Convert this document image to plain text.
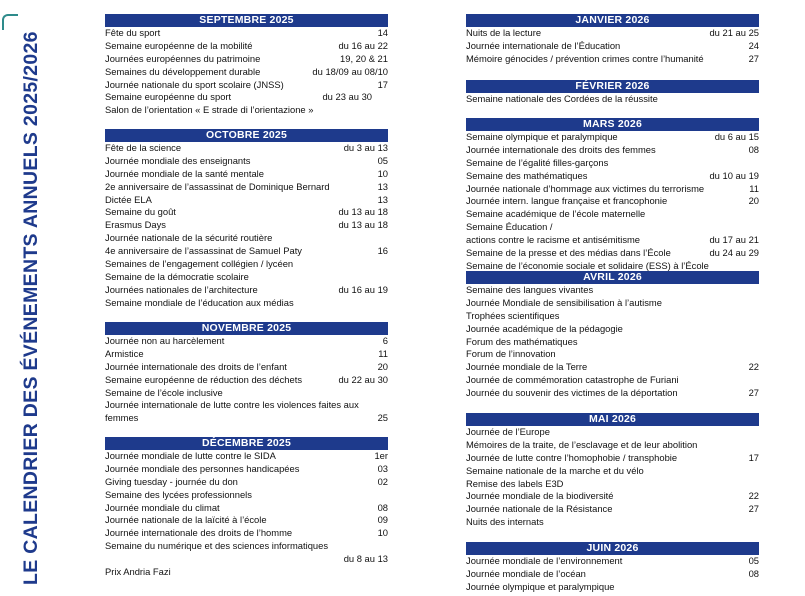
LE CALENDRIER DES ÉVÉNEMENTS ANNUELS 2025/2026
SEPTEMBRE 2025
Fête du sport	14
Semaine européenne de la mobilité	du 16 au 22
Journées européennes du patrimoine	19, 20 & 21
Semaines du développement durable	du 18/09 au 08/10
Journée nationale du sport scolaire (JNSS)	17
Semaine européenne du sport	du 23 au 30
Salon de l’orientation « E strade di l’orientazione »
OCTOBRE 2025
Fête de la science	du 3 au 13
Journée mondiale des enseignants	05
Journée mondiale de la santé mentale	10
2e anniversaire de l’assassinat de Dominique Bernard	13
Dictée ELA	13
Semaine du goût	du 13 au 18
Erasmus Days	du 13 au 18
Journée nationale de la sécurité routière
4e anniversaire de l’assassinat de Samuel Paty	16
Semaines de l’engagement collégien / lycéen
Semaine de la démocratie scolaire
Journées nationales de l’architecture	du 16 au 19
Semaine mondiale de l’éducation aux médias
NOVEMBRE 2025
Journée non au harcèlement	6
Armistice	11
Journée internationale des droits de l’enfant	20
Semaine européenne de réduction des déchets	du 22 au 30
Semaine de l’école inclusive
Journée internationale de lutte contre les violences faites aux
femmes	25
DÉCEMBRE 2025
Journée mondiale de lutte contre le SIDA	1er
Journée mondiale des personnes handicapées	03
Giving tuesday - journée du don	02
Semaine des lycées professionnels
Journée mondiale du climat	08
Journée nationale de la laïcité à l’école	09
Journée internationale des droits de l’homme	10
Semaine du numérique et des sciences informatiques
du 8 au 13
Prix Andria Fazi
JANVIER 2026
Nuits de la lecture	du 21 au 25
Journée internationale de l’Éducation	24
Mémoire génocides / prévention crimes contre l’humanité	27
FÉVRIER 2026
Semaine nationale des Cordées de la réussite
MARS 2026
Semaine olympique et paralympique	du 6 au 15
Journée internationale des droits des femmes	08
Semaine de l’égalité filles-garçons
Semaine des mathématiques	du 10 au 19
Journée nationale d’hommage aux victimes du terrorisme	11
Journée intern. langue française et francophonie	20
Semaine académique de l’école maternelle
Semaine Éducation /
actions contre le racisme et antisémitisme	du 17 au 21
Semaine de la presse et des médias dans l’École	du 24 au 29
Semaine de l’économie sociale et solidaire (ESS) à l’École
AVRIL 2026
Semaine des langues vivantes
Journée Mondiale de sensibilisation à l’autisme
Trophées scientifiques
Journée académique de la pédagogie
Forum des mathématiques
Forum de l’innovation
Journée mondiale de la Terre	22
Journée de commémoration catastrophe de Furiani
Journée du souvenir des victimes de la déportation	27
MAI 2026
Journée de l’Europe
Mémoires de la traite, de l’esclavage et de leur abolition
Journée de lutte contre l’homophobie / transphobie	17
Semaine nationale de la marche et du vélo
Remise des labels E3D
Journée mondiale de la biodiversité	22
Journée nationale de la Résistance	27
Nuits des internats
JUIN 2026
Journée mondiale de l’environnement	05
Journée mondiale de l’océan	08
Journée olympique et paralympique
